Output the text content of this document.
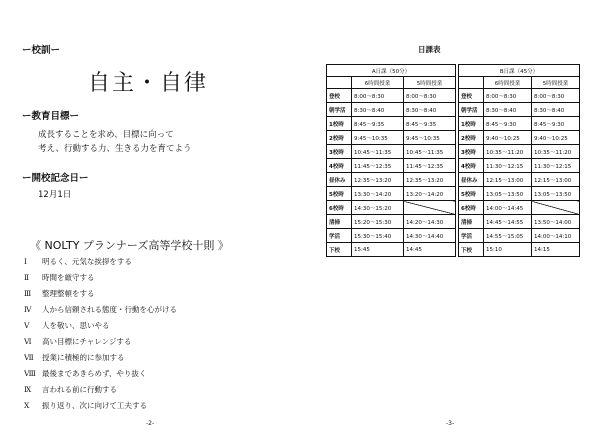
ー校訓ー
自主・自律
ー教育目標ー
成長することを求め、目標に向って
考え、行動する力、生きる力を育てよう
ー開校記念日ー
12月1日
《 NOLTY プランナーズ高等学校十則 》
Ⅰ 明るく、元気な挨拶をする
Ⅱ 時間を厳守する
Ⅲ 整理整頓をする
Ⅳ 人から信頼される態度・行動を心がける
Ⅴ 人を敬い、思いやる
Ⅵ 高い目標にチャレンジする
Ⅶ 授業に積極的に参加する
Ⅷ 最後まであきらめず、やり抜く
Ⅸ 言われる前に行動する
Ⅹ 振り返り、次に向けて工夫する
-2-
日課表
A日課（50分）		
	6時間授業	5時間授業
登校	8:00〜8:30	8:00〜8:30
朝学活	8:30〜8:40	8:30〜8:40
1校時	8:45〜9:35	8:45〜9:35
2校時	9:45〜10:35	9:45〜10:35
3校時	10:45〜11:35	10:45〜11:35
4校時	11:45〜12:35	11:45〜12:35
昼休み	12:35〜13:20	12:35〜13:20
5校時	13:30〜14:20	13:20〜14:20
6校時	14:30〜15:20	
清掃	15:20〜15:30	14:20〜14:30
学活	15:30〜15:40	14:30〜14:40
下校	15:45	14:45
B日課（45分）		
	6時間授業	5時間授業
登校	8:00〜8:30	8:00〜8:30
朝学活	8:30〜8:40	8:30〜8:40
1校時	8:45〜9:30	8:45〜9:30
2校時	9:40〜10:25	9:40〜10:25
3校時	10:35〜11:20	10:35〜11:20
4校時	11:30〜12:15	11:30〜12:15
昼休み	12:15〜13:00	12:15〜13:00
5校時	13:05〜13:50	13:05〜13:50
6校時	14:00〜14:45	
清掃	14:45〜14:55	13:50〜14:00
学活	14:55〜15:05	14:00〜14:10
下校	15:10	14:15
-3-
